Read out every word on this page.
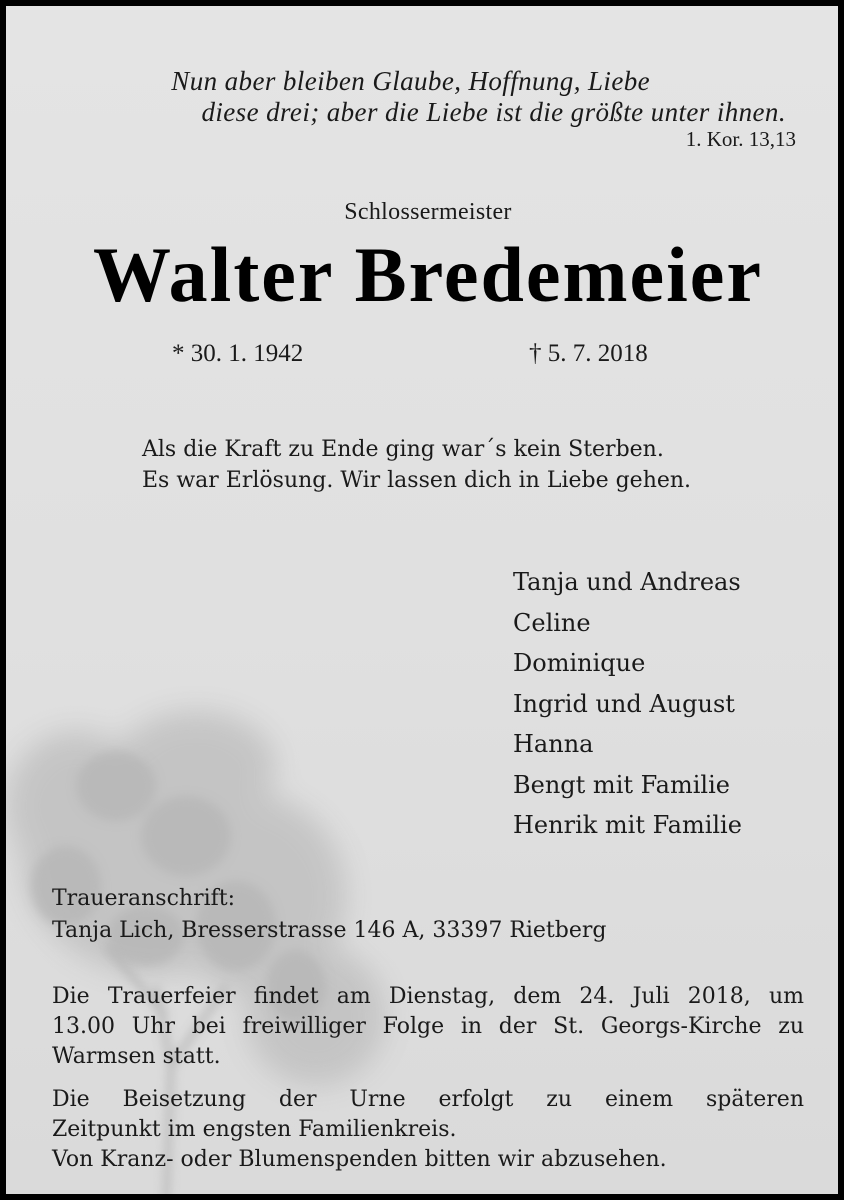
Nun aber bleiben Glaube, Hoffnung, Liebe
diese drei; aber die Liebe ist die größte unter ihnen.

1. Kor. 13,13

Schlossermeister

Walter Bredemeier

* 30. 1. 1942	† 5. 7. 2018

Als die Kraft zu Ende ging war´s kein Sterben.
Es war Erlösung. Wir lassen dich in Liebe gehen.

Tanja und Andreas
Celine
Dominique
Ingrid und August
Hanna
Bengt mit Familie
Henrik mit Familie

Traueranschrift:

Tanja Lich, Bresserstrasse 146 A, 33397 Rietberg

Die Trauerfeier findet am Dienstag, dem 24. Juli 2018, um
13.00 Uhr bei freiwilliger Folge in der St. Georgs-Kirche zu
Warmsen statt.

Die Beisetzung der Urne erfolgt zu einem späteren
Zeitpunkt im engsten Familienkreis.
Von Kranz- oder Blumenspenden bitten wir abzusehen.
